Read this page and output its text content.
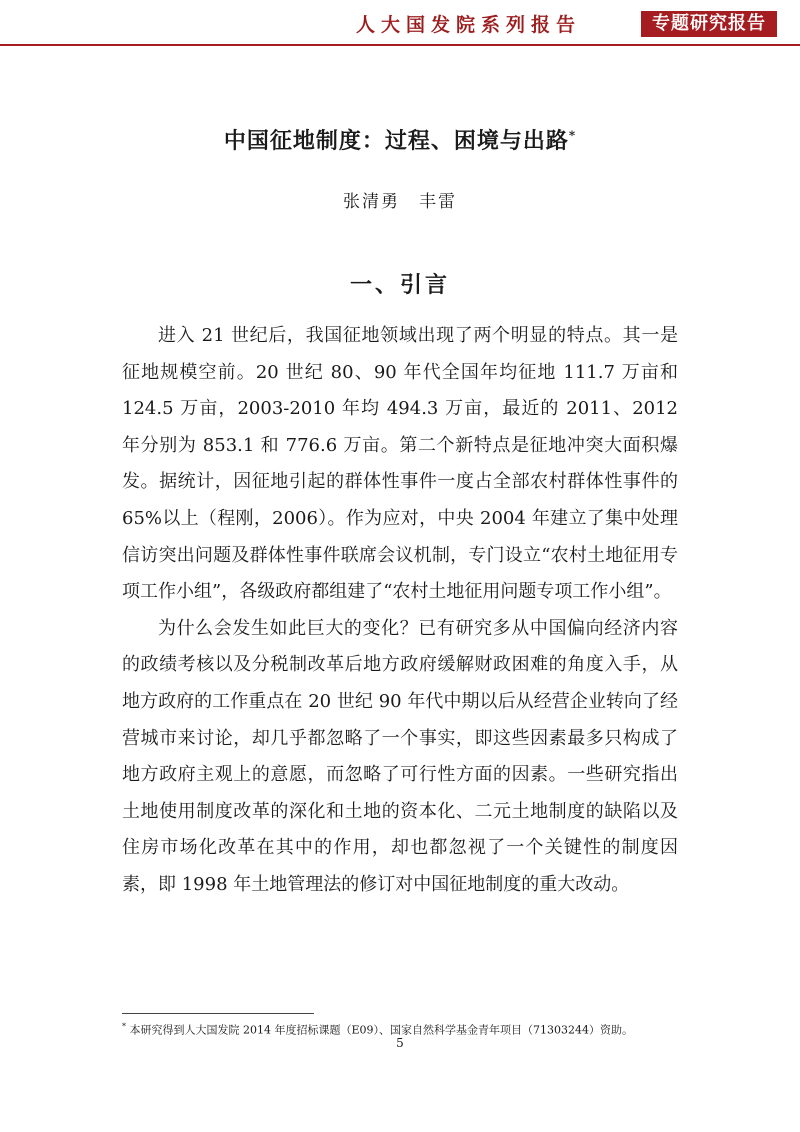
人大国发院系列报告	专题研究报告
中国征地制度：过程、困境与出路*
张清勇　丰雷
一、引言

进入 21 世纪后，我国征地领域出现了两个明显的特点。其一是征地规模空前。20 世纪 80、90 年代全国年均征地 111.7 万亩和 124.5 万亩，2003-2010 年均 494.3 万亩，最近的 2011、2012 年分别为 853.1 和 776.6 万亩。第二个新特点是征地冲突大面积爆发。据统计，因征地引起的群体性事件一度占全部农村群体性事件的 65%以上（程刚，2006）。作为应对，中央 2004 年建立了集中处理信访突出问题及群体性事件联席会议机制，专门设立“农村土地征用专项工作小组”，各级政府都组建了“农村土地征用问题专项工作小组”。

为什么会发生如此巨大的变化？已有研究多从中国偏向经济内容的政绩考核以及分税制改革后地方政府缓解财政困难的角度入手，从地方政府的工作重点在 20 世纪 90 年代中期以后从经营企业转向了经营城市来讨论，却几乎都忽略了一个事实，即这些因素最多只构成了地方政府主观上的意愿，而忽略了可行性方面的因素。一些研究指出土地使用制度改革的深化和土地的资本化、二元土地制度的缺陷以及住房市场化改革在其中的作用，却也都忽视了一个关键性的制度因素，即 1998 年土地管理法的修订对中国征地制度的重大改动。

* 本研究得到人大国发院 2014 年度招标课题（E09）、国家自然科学基金青年项目（71303244）资助。
5
